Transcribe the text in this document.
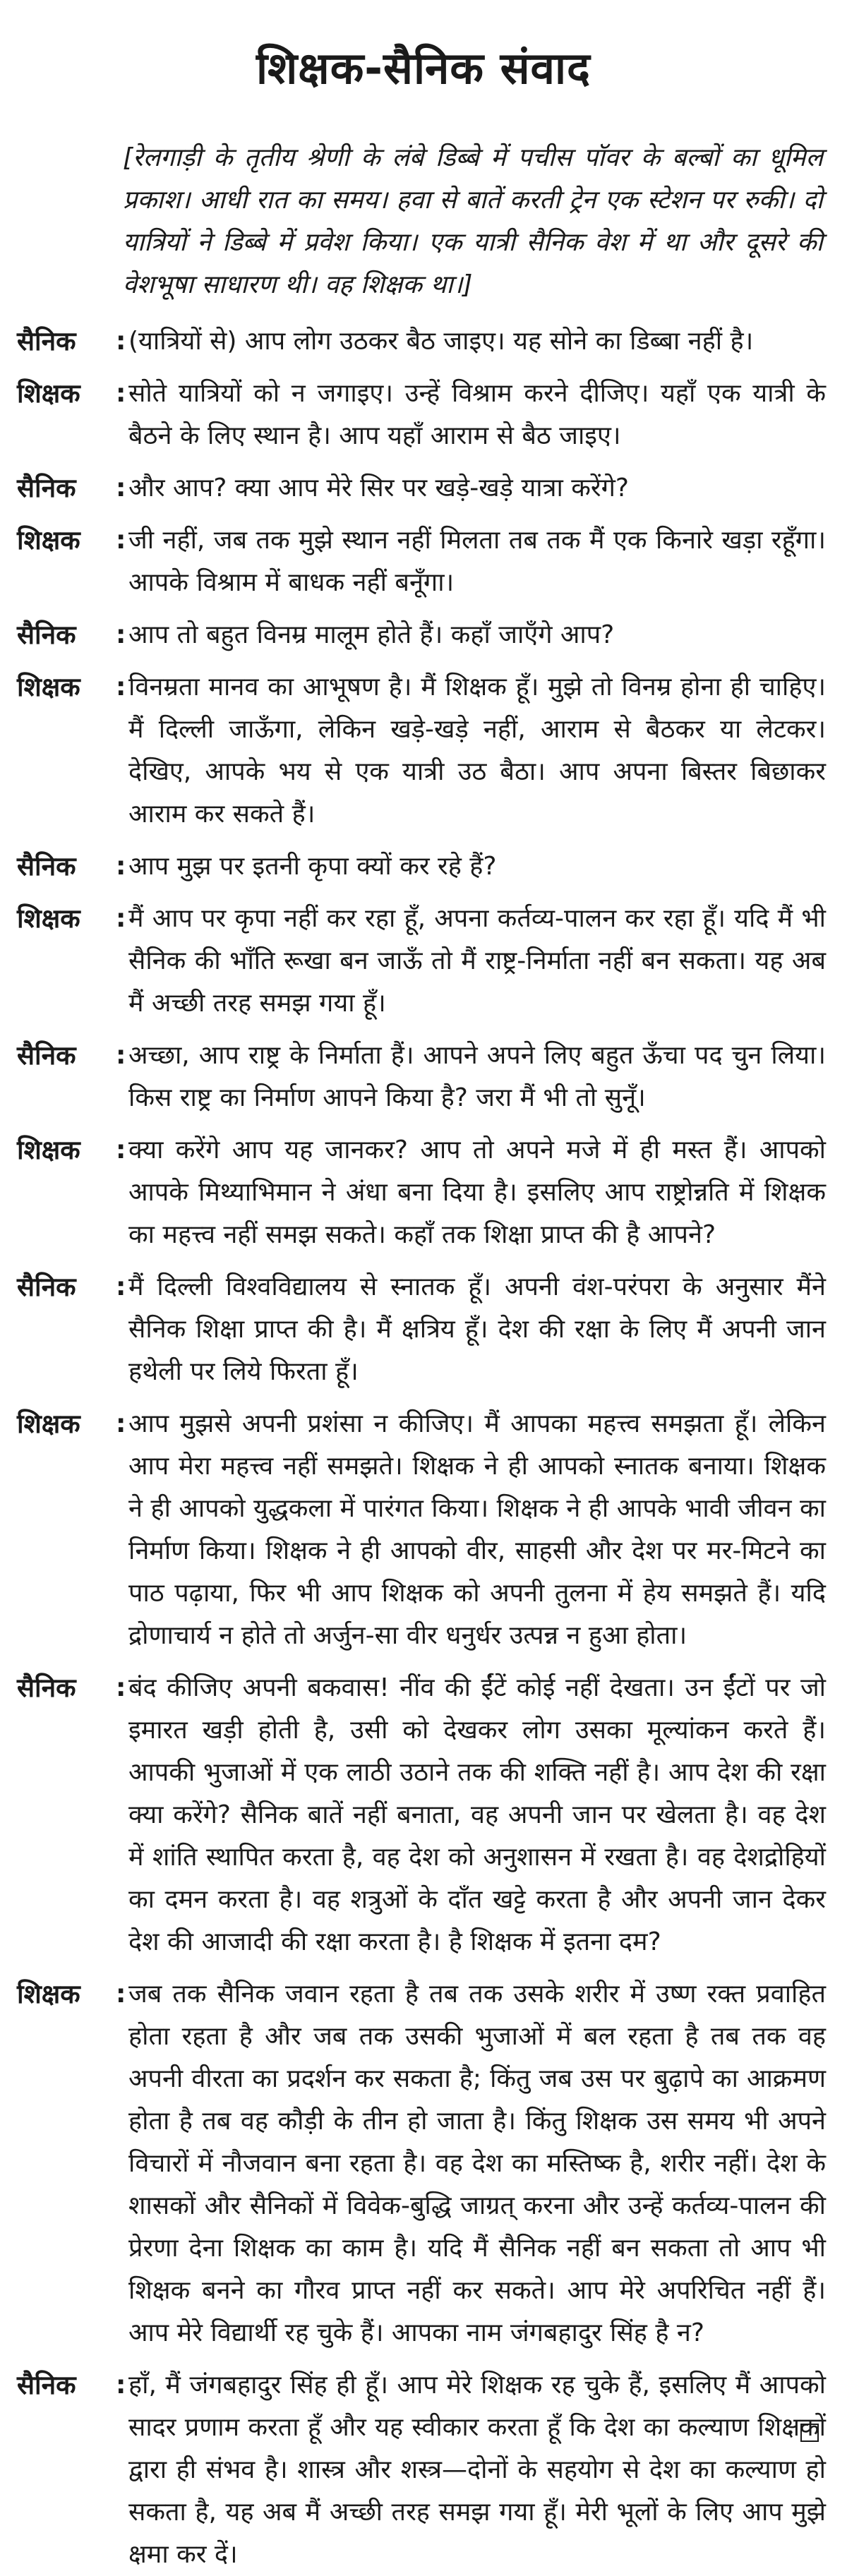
शिक्षक-सैनिक संवाद

[रेलगाड़ी के तृतीय श्रेणी के लंबे डिब्बे में पचीस पॉवर के बल्बों का धूमिल प्रकाश। आधी रात का समय। हवा से बातें करती ट्रेन एक स्टेशन पर रुकी। दो यात्रियों ने डिब्बे में प्रवेश किया। एक यात्री सैनिक वेश में था और दूसरे की वेशभूषा साधारण थी। वह शिक्षक था।]

सैनिक	: (यात्रियों से) आप लोग उठकर बैठ जाइए। यह सोने का डिब्बा नहीं है।
शिक्षक	: सोते यात्रियों को न जगाइए। उन्हें विश्राम करने दीजिए। यहाँ एक यात्री के बैठने के लिए स्थान है। आप यहाँ आराम से बैठ जाइए।
सैनिक	: और आप? क्या आप मेरे सिर पर खड़े-खड़े यात्रा करेंगे?
शिक्षक	: जी नहीं, जब तक मुझे स्थान नहीं मिलता तब तक मैं एक किनारे खड़ा रहूँगा। आपके विश्राम में बाधक नहीं बनूँगा।
सैनिक	: आप तो बहुत विनम्र मालूम होते हैं। कहाँ जाएँगे आप?
शिक्षक	: विनम्रता मानव का आभूषण है। मैं शिक्षक हूँ। मुझे तो विनम्र होना ही चाहिए। मैं दिल्ली जाऊँगा, लेकिन खड़े-खड़े नहीं, आराम से बैठकर या लेटकर। देखिए, आपके भय से एक यात्री उठ बैठा। आप अपना बिस्तर बिछाकर आराम कर सकते हैं।
सैनिक	: आप मुझ पर इतनी कृपा क्यों कर रहे हैं?
शिक्षक	: मैं आप पर कृपा नहीं कर रहा हूँ, अपना कर्तव्य-पालन कर रहा हूँ। यदि मैं भी सैनिक की भाँति रूखा बन जाऊँ तो मैं राष्ट्र-निर्माता नहीं बन सकता। यह अब मैं अच्छी तरह समझ गया हूँ।
सैनिक	: अच्छा, आप राष्ट्र के निर्माता हैं। आपने अपने लिए बहुत ऊँचा पद चुन लिया। किस राष्ट्र का निर्माण आपने किया है? जरा मैं भी तो सुनूँ।
शिक्षक	: क्या करेंगे आप यह जानकर? आप तो अपने मजे में ही मस्त हैं। आपको आपके मिथ्याभिमान ने अंधा बना दिया है। इसलिए आप राष्ट्रोन्नति में शिक्षक का महत्त्व नहीं समझ सकते। कहाँ तक शिक्षा प्राप्त की है आपने?
सैनिक	: मैं दिल्ली विश्वविद्यालय से स्नातक हूँ। अपनी वंश-परंपरा के अनुसार मैंने सैनिक शिक्षा प्राप्त की है। मैं क्षत्रिय हूँ। देश की रक्षा के लिए मैं अपनी जान हथेली पर लिये फिरता हूँ।
शिक्षक	: आप मुझसे अपनी प्रशंसा न कीजिए। मैं आपका महत्त्व समझता हूँ। लेकिन आप मेरा महत्त्व नहीं समझते। शिक्षक ने ही आपको स्नातक बनाया। शिक्षक ने ही आपको युद्धकला में पारंगत किया। शिक्षक ने ही आपके भावी जीवन का निर्माण किया। शिक्षक ने ही आपको वीर, साहसी और देश पर मर-मिटने का पाठ पढ़ाया, फिर भी आप शिक्षक को अपनी तुलना में हेय समझते हैं। यदि द्रोणाचार्य न होते तो अर्जुन-सा वीर धनुर्धर उत्पन्न न हुआ होता।
सैनिक	: बंद कीजिए अपनी बकवास! नींव की ईंटें कोई नहीं देखता। उन ईंटों पर जो इमारत खड़ी होती है, उसी को देखकर लोग उसका मूल्यांकन करते हैं। आपकी भुजाओं में एक लाठी उठाने तक की शक्ति नहीं है। आप देश की रक्षा क्या करेंगे? सैनिक बातें नहीं बनाता, वह अपनी जान पर खेलता है। वह देश में शांति स्थापित करता है, वह देश को अनुशासन में रखता है। वह देशद्रोहियों का दमन करता है। वह शत्रुओं के दाँत खट्टे करता है और अपनी जान देकर देश की आजादी की रक्षा करता है। है शिक्षक में इतना दम?
शिक्षक	: जब तक सैनिक जवान रहता है तब तक उसके शरीर में उष्ण रक्त प्रवाहित होता रहता है और जब तक उसकी भुजाओं में बल रहता है तब तक वह अपनी वीरता का प्रदर्शन कर सकता है; किंतु जब उस पर बुढ़ापे का आक्रमण होता है तब वह कौड़ी के तीन हो जाता है। किंतु शिक्षक उस समय भी अपने विचारों में नौजवान बना रहता है। वह देश का मस्तिष्क है, शरीर नहीं। देश के शासकों और सैनिकों में विवेक-बुद्धि जाग्रत् करना और उन्हें कर्तव्य-पालन की प्रेरणा देना शिक्षक का काम है। यदि मैं सैनिक नहीं बन सकता तो आप भी शिक्षक बनने का गौरव प्राप्त नहीं कर सकते। आप मेरे अपरिचित नहीं हैं। आप मेरे विद्यार्थी रह चुके हैं। आपका नाम जंगबहादुर सिंह है न?
सैनिक	: हाँ, मैं जंगबहादुर सिंह ही हूँ। आप मेरे शिक्षक रह चुके हैं, इसलिए मैं आपको सादर प्रणाम करता हूँ और यह स्वीकार करता हूँ कि देश का कल्याण शिक्षकों द्वारा ही संभव है। शास्त्र और शस्त्र—दोनों के सहयोग से देश का कल्याण हो सकता है, यह अब मैं अच्छी तरह समझ गया हूँ। मेरी भूलों के लिए आप मुझे क्षमा कर दें।
